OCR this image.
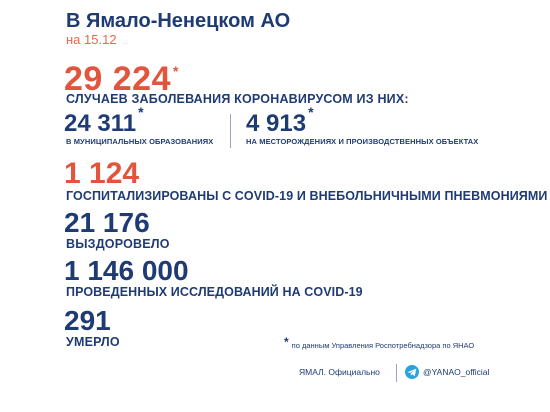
В Ямало-Ненецком АО
на 15.12
29 224 *
СЛУЧАЕВ ЗАБОЛЕВАНИЯ КОРОНАВИРУСОМ ИЗ НИХ:
24 311 *
В МУНИЦИПАЛЬНЫХ ОБРАЗОВАНИЯХ
4 913 *
НА МЕСТОРОЖДЕНИЯХ И ПРОИЗВОДСТВЕННЫХ ОБЪЕКТАХ
1 124
ГОСПИТАЛИЗИРОВАНЫ С COVID-19 И ВНЕБОЛЬНИЧНЫМИ ПНЕВМОНИЯМИ
21 176
ВЫЗДОРОВЕЛО
1 146 000
ПРОВЕДЕННЫХ ИССЛЕДОВАНИЙ НА COVID-19
291
УМЕРЛО	* по данным Управления Роспотребнадзора по ЯНАО
ЯМАЛ. Официально	@YANAO_official
